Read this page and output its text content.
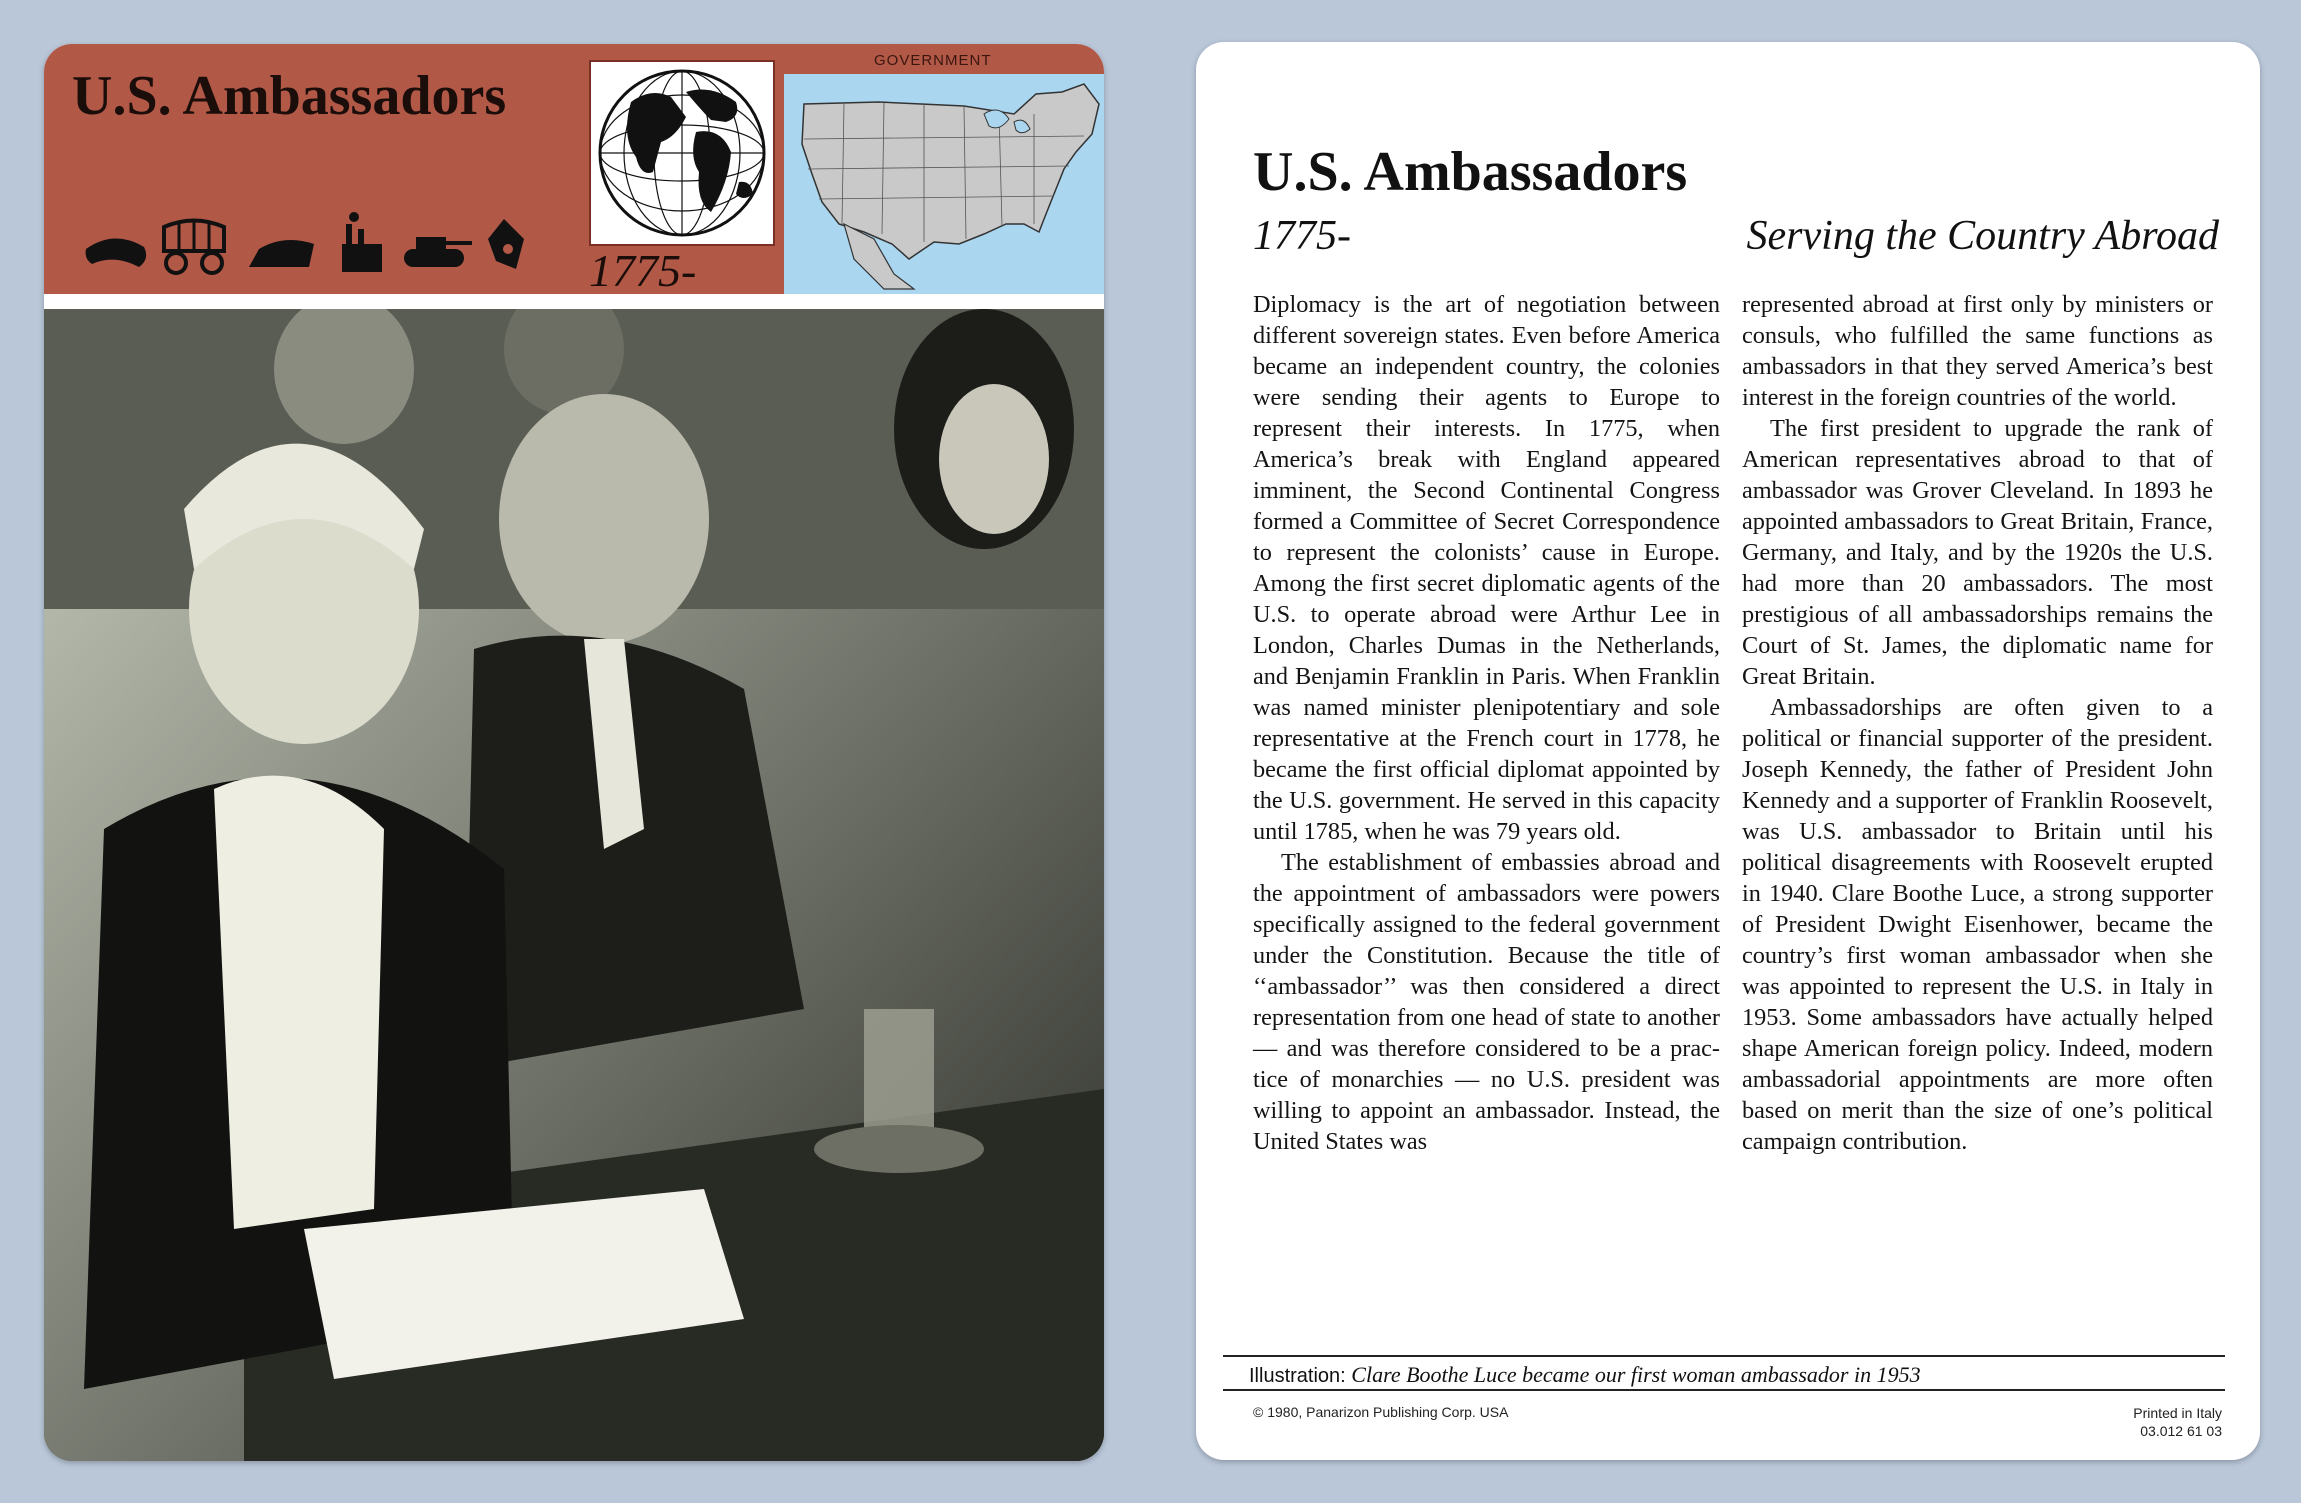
U.S. Ambassadors
GOVERNMENT
1775-
U.S. Ambassadors
1775-	Serving the Country Abroad

Diplomacy is the art of negotiation between different sovereign states. Even before America became an independent country, the colonies were sending their agents to Europe to represent their interests. In 1775, when America’s break with England appeared imminent, the Second Continental Congress formed a Committee of Secret Correspondence to represent the colonists’ cause in Europe. Among the first secret diplomatic agents of the U.S. to operate abroad were Arthur Lee in London, Charles Dumas in the Netherlands, and Benjamin Franklin in Paris. When Franklin was named minister plenipotentiary and sole representative at the French court in 1778, he became the first official diplomat appointed by the U.S. government. He served in this capacity until 1785, when he was 79 years old.

The establishment of embassies abroad and the appointment of ambassadors were powers specifically assigned to the federal government under the Constitution. Because the title of ‘‘ambassador’’ was then considered a direct representation from one head of state to another — and was therefore considered to be a practice of monarchies — no U.S. president was willing to appoint an ambassador. Instead, the United States was

represented abroad at first only by ministers or consuls, who fulfilled the same functions as ambassadors in that they served America’s best interest in the foreign countries of the world.

The first president to upgrade the rank of American representatives abroad to that of ambassador was Grover Cleveland. In 1893 he appointed ambassadors to Great Britain, France, Germany, and Italy, and by the 1920s the U.S. had more than 20 ambassadors. The most prestigious of all ambassadorships remains the Court of St. James, the diplomatic name for Great Britain.

Ambassadorships are often given to a political or financial supporter of the president. Joseph Kennedy, the father of President John Kennedy and a supporter of Franklin Roosevelt, was U.S. ambassador to Britain until his political disagreements with Roosevelt erupted in 1940. Clare Boothe Luce, a strong supporter of President Dwight Eisenhower, became the country’s first woman ambassador when she was appointed to represent the U.S. in Italy in 1953. Some ambassadors have actually helped shape American foreign policy. Indeed, modern ambassadorial appointments are more often based on merit than the size of one’s political campaign contribution.

Illustration: Clare Boothe Luce became our first woman ambassador in 1953
© 1980, Panarizon Publishing Corp. USA	Printed in Italy
03.012 61 03
